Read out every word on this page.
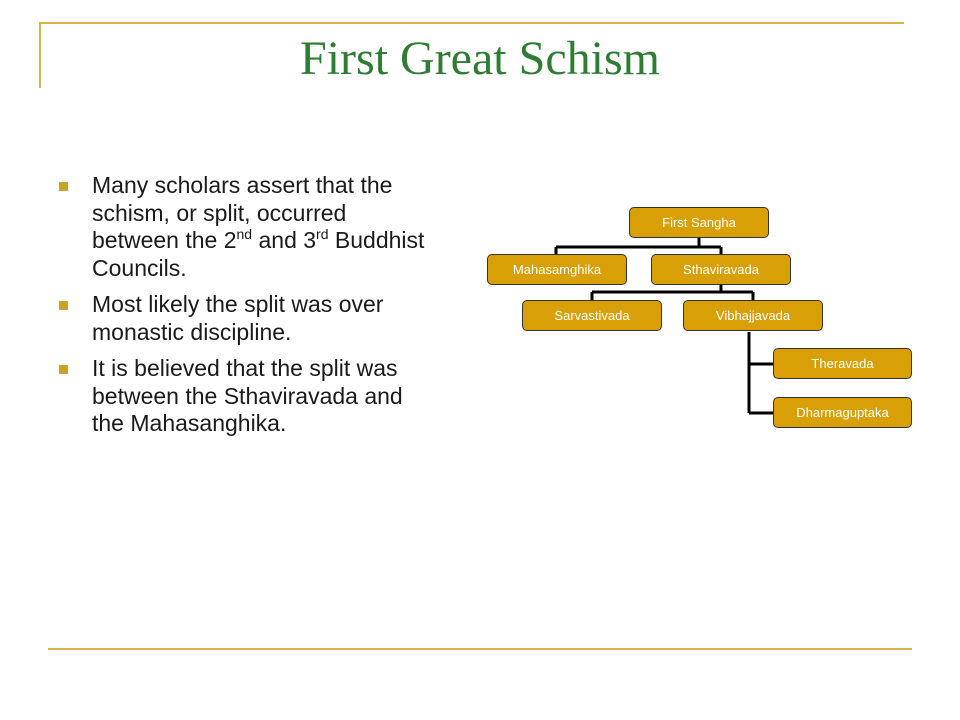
First Great Schism
Many scholars assert that the schism, or split, occurred between the 2nd and 3rd Buddhist Councils.
Most likely the split was over monastic discipline.
It is believed that the split was between the Sthaviravada and the Mahasanghika.
First Sangha
Mahasamghika	Sthaviravada
Sarvastivada	Vibhajjavada
Theravada
Dharmaguptaka
